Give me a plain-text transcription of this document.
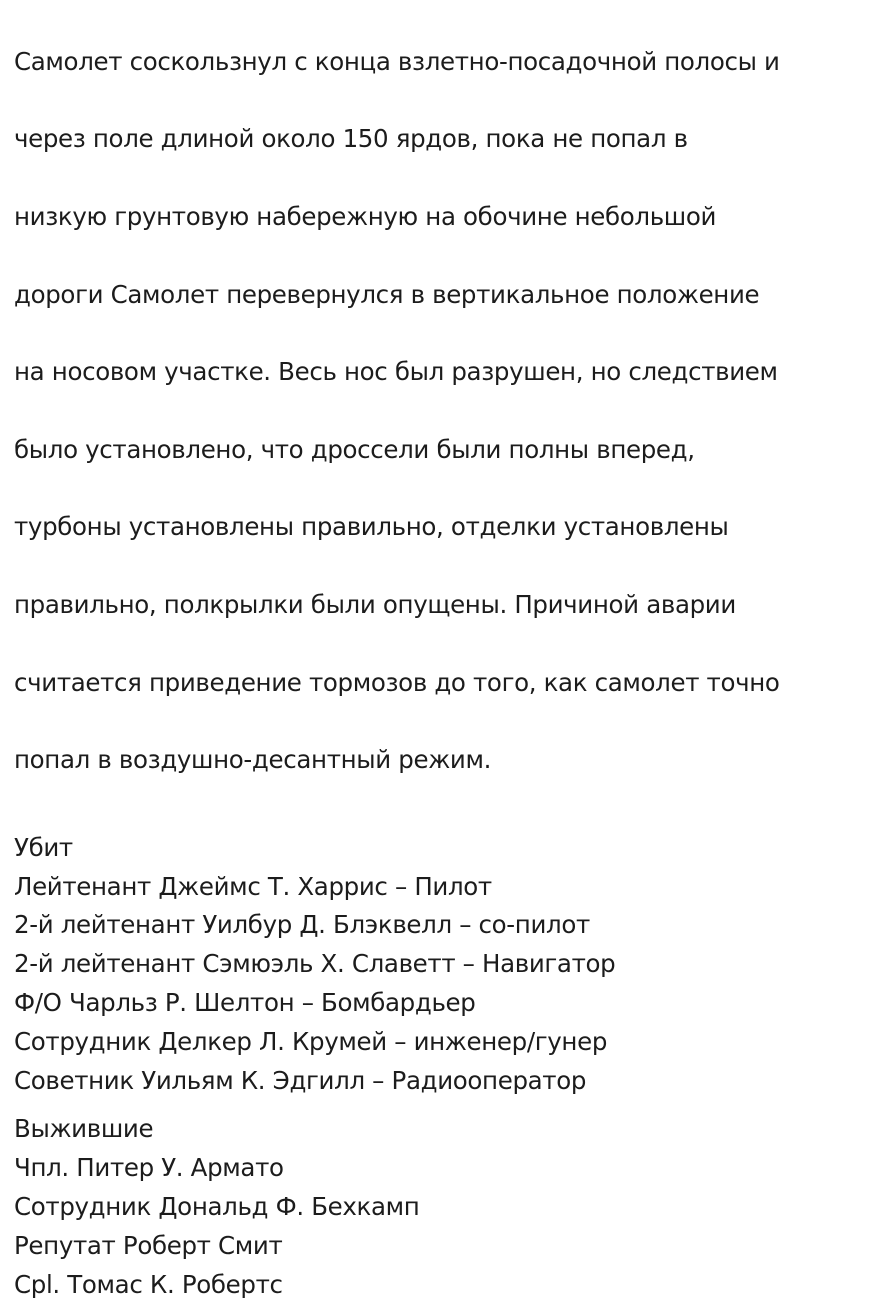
Самолет соскользнул с конца взлетно-посадочной полосы и

через поле длиной около 150 ярдов, пока не попал в

низкую грунтовую набережную на обочине небольшой

дороги Самолет перевернулся в вертикальное положение

на носовом участке. Весь нос был разрушен, но следствием

было установлено, что дроссели были полны вперед,

турбоны установлены правильно, отделки установлены

правильно, полкрылки были опущены. Причиной аварии

считается приведение тормозов до того, как самолет точно

попал в воздушно-десантный режим.

Убит
Лейтенант Джеймс Т. Харрис – Пилот
2-й лейтенант Уилбур Д. Блэквелл – со-пилот
2-й лейтенант Сэмюэль Х. Славетт – Навигатор
Ф/О Чарльз Р. Шелтон – Бомбардьер
Сотрудник Делкер Л. Крумей – инженер/гунер
Советник Уильям К. Эдгилл – Радиооператор
Выжившие
Чпл. Питер У. Армато
Сотрудник Дональд Ф. Бехкамп
Репутат Роберт Смит
Cpl. Томас К. Робертс
